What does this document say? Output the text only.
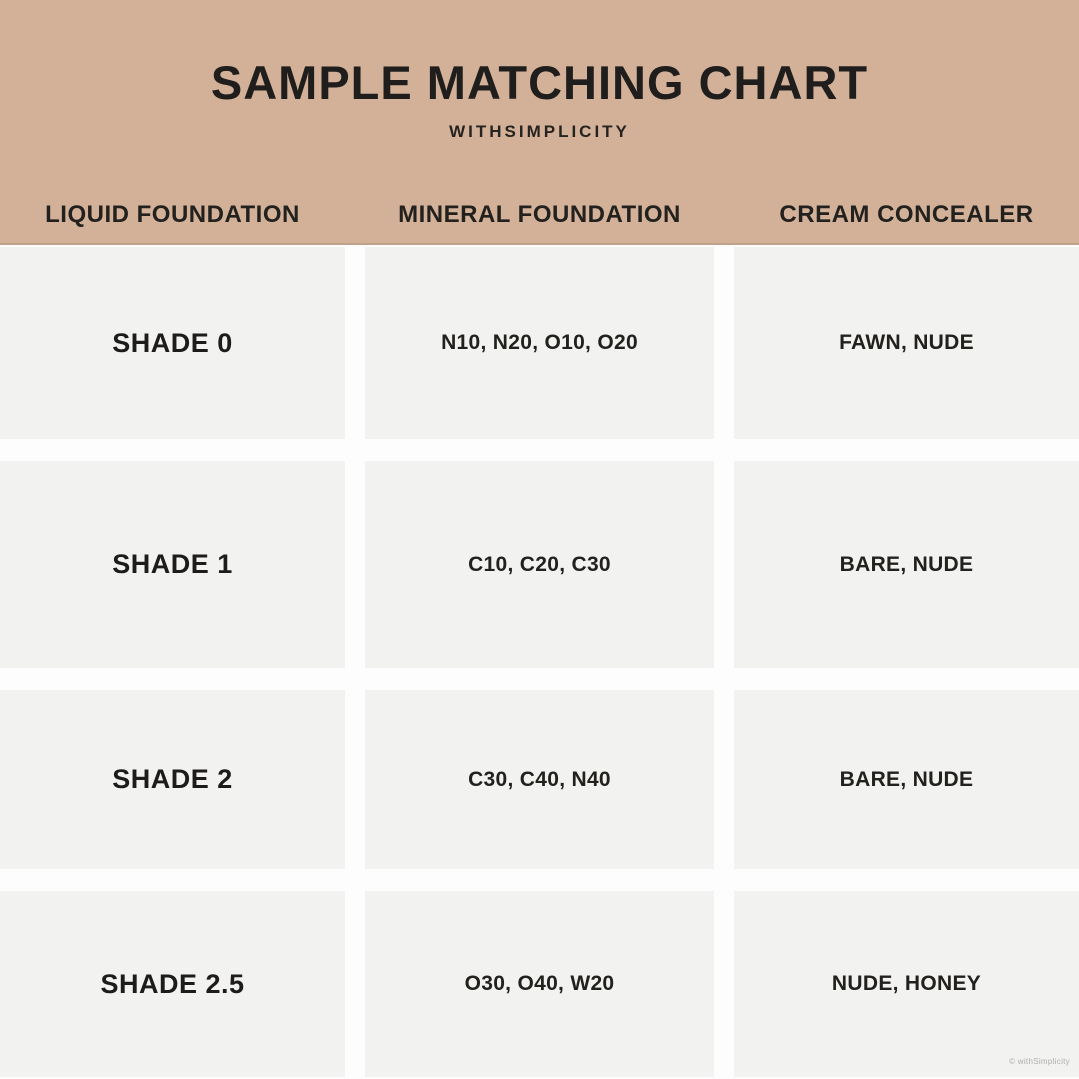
SAMPLE MATCHING CHART
WITHSIMPLICITY
LIQUID FOUNDATION	MINERAL FOUNDATION	CREAM CONCEALER
SHADE 0	N10, N20, O10, O20	FAWN, NUDE
SHADE 1	C10, C20, C30	BARE, NUDE
SHADE 2	C30, C40, N40	BARE, NUDE
SHADE 2.5	O30, O40, W20	NUDE, HONEY
© withSimplicity
